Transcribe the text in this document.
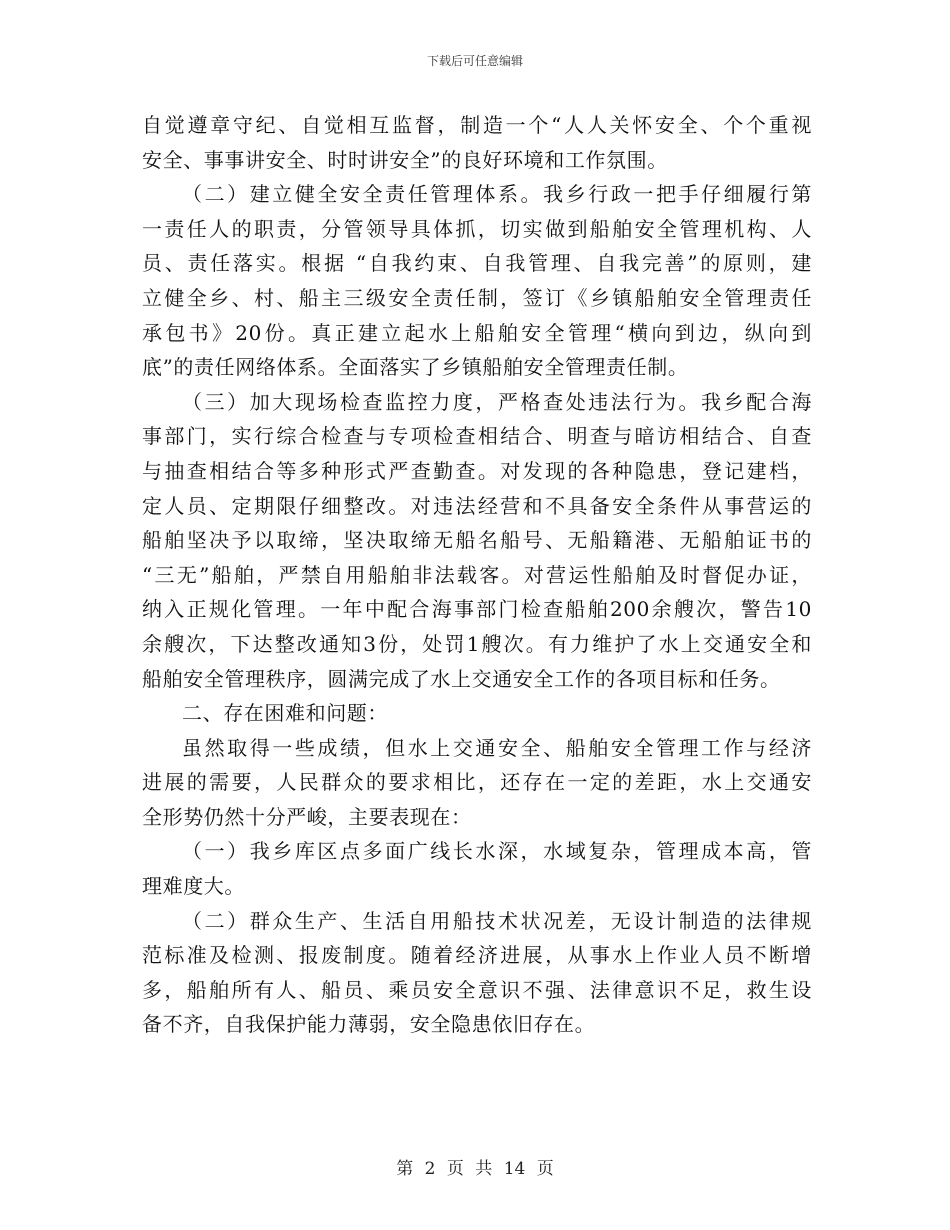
下载后可任意编辑
自觉遵章守纪、自觉相互监督，制造一个“人人关怀安全、个个重视
安全、事事讲安全、时时讲安全”的良好环境和工作氛围。
（二）建立健全安全责任管理体系。我乡行政一把手仔细履行第
一责任人的职责，分管领导具体抓，切实做到船舶安全管理机构、人
员、责任落实。根据 “自我约束、自我管理、自我完善”的原则，建
立健全乡、村、船主三级安全责任制，签订《乡镇船舶安全管理责任
承包书》20份。真正建立起水上船舶安全管理“横向到边，纵向到
底”的责任网络体系。全面落实了乡镇船舶安全管理责任制。
（三）加大现场检查监控力度，严格查处违法行为。我乡配合海
事部门，实行综合检查与专项检查相结合、明查与暗访相结合、自查
与抽查相结合等多种形式严查勤查。对发现的各种隐患，登记建档，
定人员、定期限仔细整改。对违法经营和不具备安全条件从事营运的
船舶坚决予以取缔，坚决取缔无船名船号、无船籍港、无船舶证书的
“三无”船舶，严禁自用船舶非法载客。对营运性船舶及时督促办证，
纳入正规化管理。一年中配合海事部门检查船舶200余艘次，警告10
余艘次，下达整改通知3份，处罚1艘次。有力维护了水上交通安全和
船舶安全管理秩序，圆满完成了水上交通安全工作的各项目标和任务。
二、存在困难和问题：
虽然取得一些成绩，但水上交通安全、船舶安全管理工作与经济
进展的需要，人民群众的要求相比，还存在一定的差距，水上交通安
全形势仍然十分严峻，主要表现在：
（一）我乡库区点多面广线长水深，水域复杂，管理成本高，管
理难度大。
（二）群众生产、生活自用船技术状况差，无设计制造的法律规
范标准及检测、报废制度。随着经济进展，从事水上作业人员不断增
多，船舶所有人、船员、乘员安全意识不强、法律意识不足，救生设
备不齐，自我保护能力薄弱，安全隐患依旧存在。
第 2 页 共 14 页
